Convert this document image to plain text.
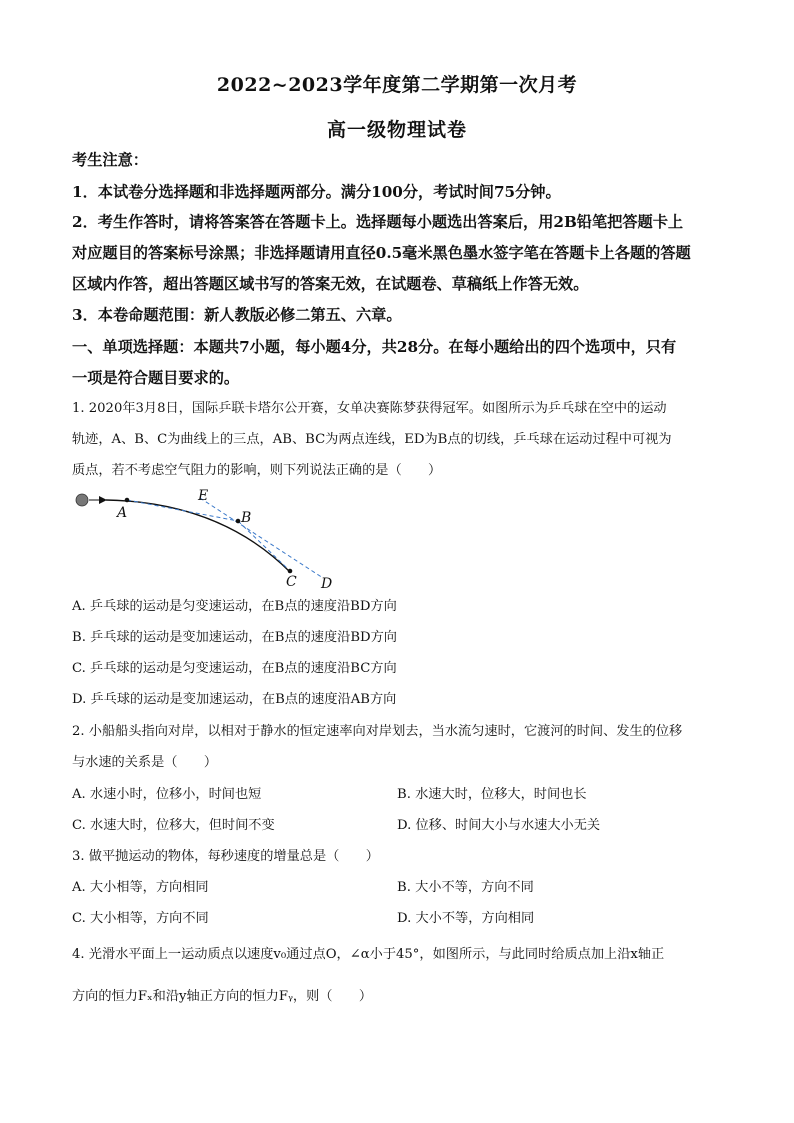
2022~2023学年度第二学期第一次月考
高一级物理试卷
考生注意：
1．本试卷分选择题和非选择题两部分。满分100分，考试时间75分钟。
2．考生作答时，请将答案答在答题卡上。选择题每小题选出答案后，用2B铅笔把答题卡上
对应题目的答案标号涂黑；非选择题请用直径0.5毫米黑色墨水签字笔在答题卡上各题的答题
区域内作答，超出答题区域书写的答案无效，在试题卷、草稿纸上作答无效。
3．本卷命题范围：新人教版必修二第五、六章。
一、单项选择题：本题共7小题，每小题4分，共28分。在每小题给出的四个选项中，只有
一项是符合题目要求的。
1. 2020年3月8日，国际乒联卡塔尔公开赛，女单决赛陈梦获得冠军。如图所示为乒乓球在空中的运动
轨迹，A、B、C为曲线上的三点，AB、BC为两点连线，ED为B点的切线，乒乓球在运动过程中可视为
质点，若不考虑空气阻力的影响，则下列说法正确的是（　　）
A	B
C D
E
A. 乒乓球的运动是匀变速运动，在B点的速度沿BD方向
B. 乒乓球的运动是变加速运动，在B点的速度沿BD方向
C. 乒乓球的运动是匀变速运动，在B点的速度沿BC方向
D. 乒乓球的运动是变加速运动，在B点的速度沿AB方向
2. 小船船头指向对岸，以相对于静水的恒定速率向对岸划去，当水流匀速时，它渡河的时间、发生的位移
与水速的关系是（　　）
A. 水速小时，位移小，时间也短	B. 水速大时，位移大，时间也长
C. 水速大时，位移大，但时间不变	D. 位移、时间大小与水速大小无关
3. 做平抛运动的物体，每秒速度的增量总是（　　）
A. 大小相等，方向相同	B. 大小不等，方向不同
C. 大小相等，方向不同	D. 大小不等，方向相同
4. 光滑水平面上一运动质点以速度v₀通过点O，∠α小于45°，如图所示，与此同时给质点加上沿x轴正
方向的恒力Fₓ和沿y轴正方向的恒力Fᵧ，则（　　）
